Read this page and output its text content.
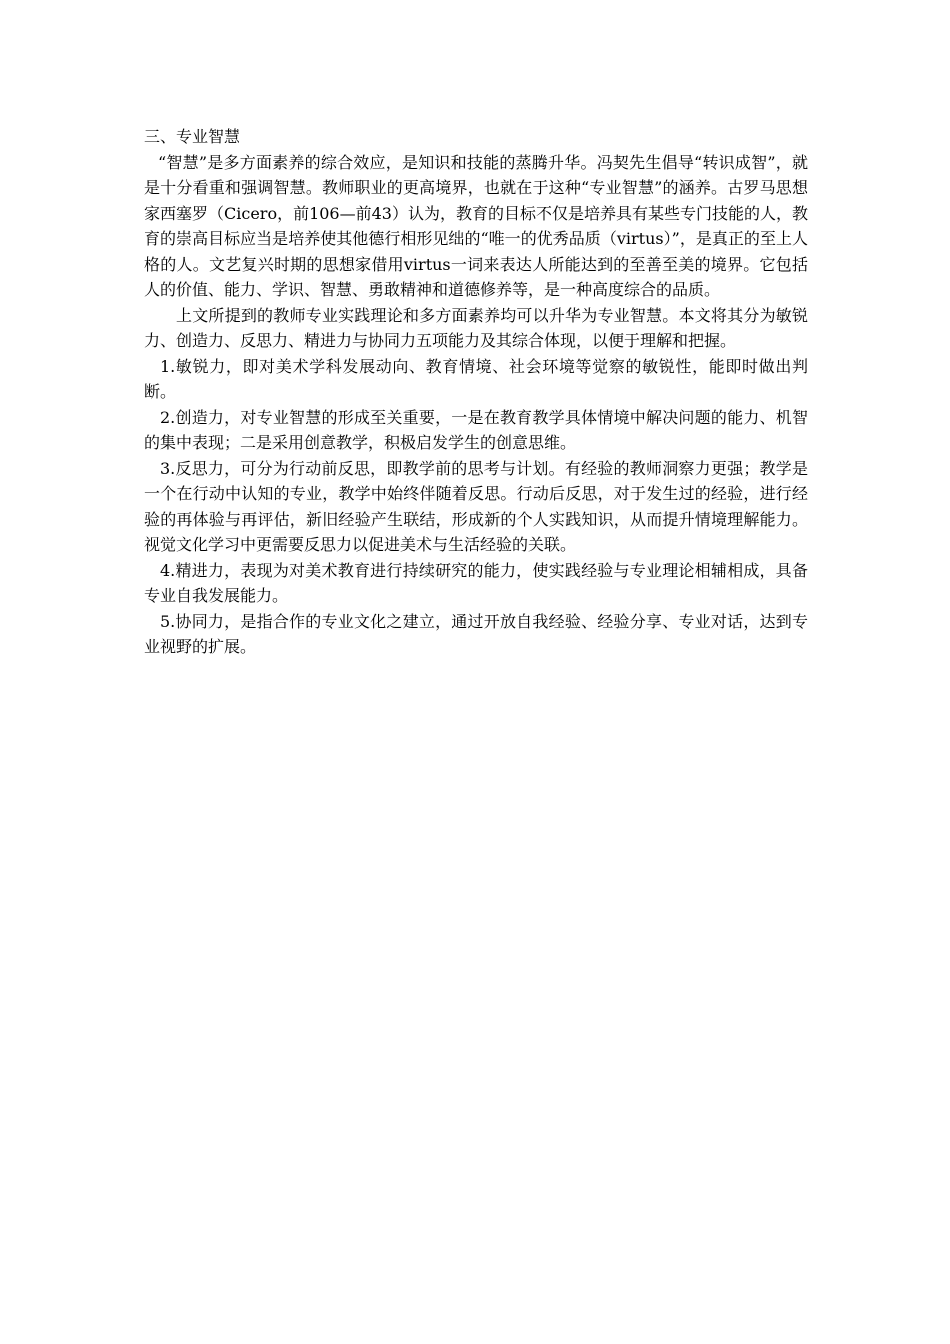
三、专业智慧

“智慧”是多方面素养的综合效应，是知识和技能的蒸腾升华。冯契先生倡导“转识成智”，就是十分看重和强调智慧。教师职业的更高境界，也就在于这种“专业智慧”的涵养。古罗马思想家西塞罗（Cicero，前106—前43）认为，教育的目标不仅是培养具有某些专门技能的人，教育的崇高目标应当是培养使其他德行相形见绌的“唯一的优秀品质（virtus）”，是真正的至上人格的人。文艺复兴时期的思想家借用virtus一词来表达人所能达到的至善至美的境界。它包括人的价值、能力、学识、智慧、勇敢精神和道德修养等，是一种高度综合的品质。

上文所提到的教师专业实践理论和多方面素养均可以升华为专业智慧。本文将其分为敏锐力、创造力、反思力、精进力与协同力五项能力及其综合体现，以便于理解和把握。

1.敏锐力，即对美术学科发展动向、教育情境、社会环境等觉察的敏锐性，能即时做出判断。

2.创造力，对专业智慧的形成至关重要，一是在教育教学具体情境中解决问题的能力、机智的集中表现；二是采用创意教学，积极启发学生的创意思维。

3.反思力，可分为行动前反思，即教学前的思考与计划。有经验的教师洞察力更强；教学是一个在行动中认知的专业，教学中始终伴随着反思。行动后反思，对于发生过的经验，进行经验的再体验与再评估，新旧经验产生联结，形成新的个人实践知识，从而提升情境理解能力。视觉文化学习中更需要反思力以促进美术与生活经验的关联。

4.精进力，表现为对美术教育进行持续研究的能力，使实践经验与专业理论相辅相成，具备专业自我发展能力。

5.协同力，是指合作的专业文化之建立，通过开放自我经验、经验分享、专业对话，达到专业视野的扩展。
